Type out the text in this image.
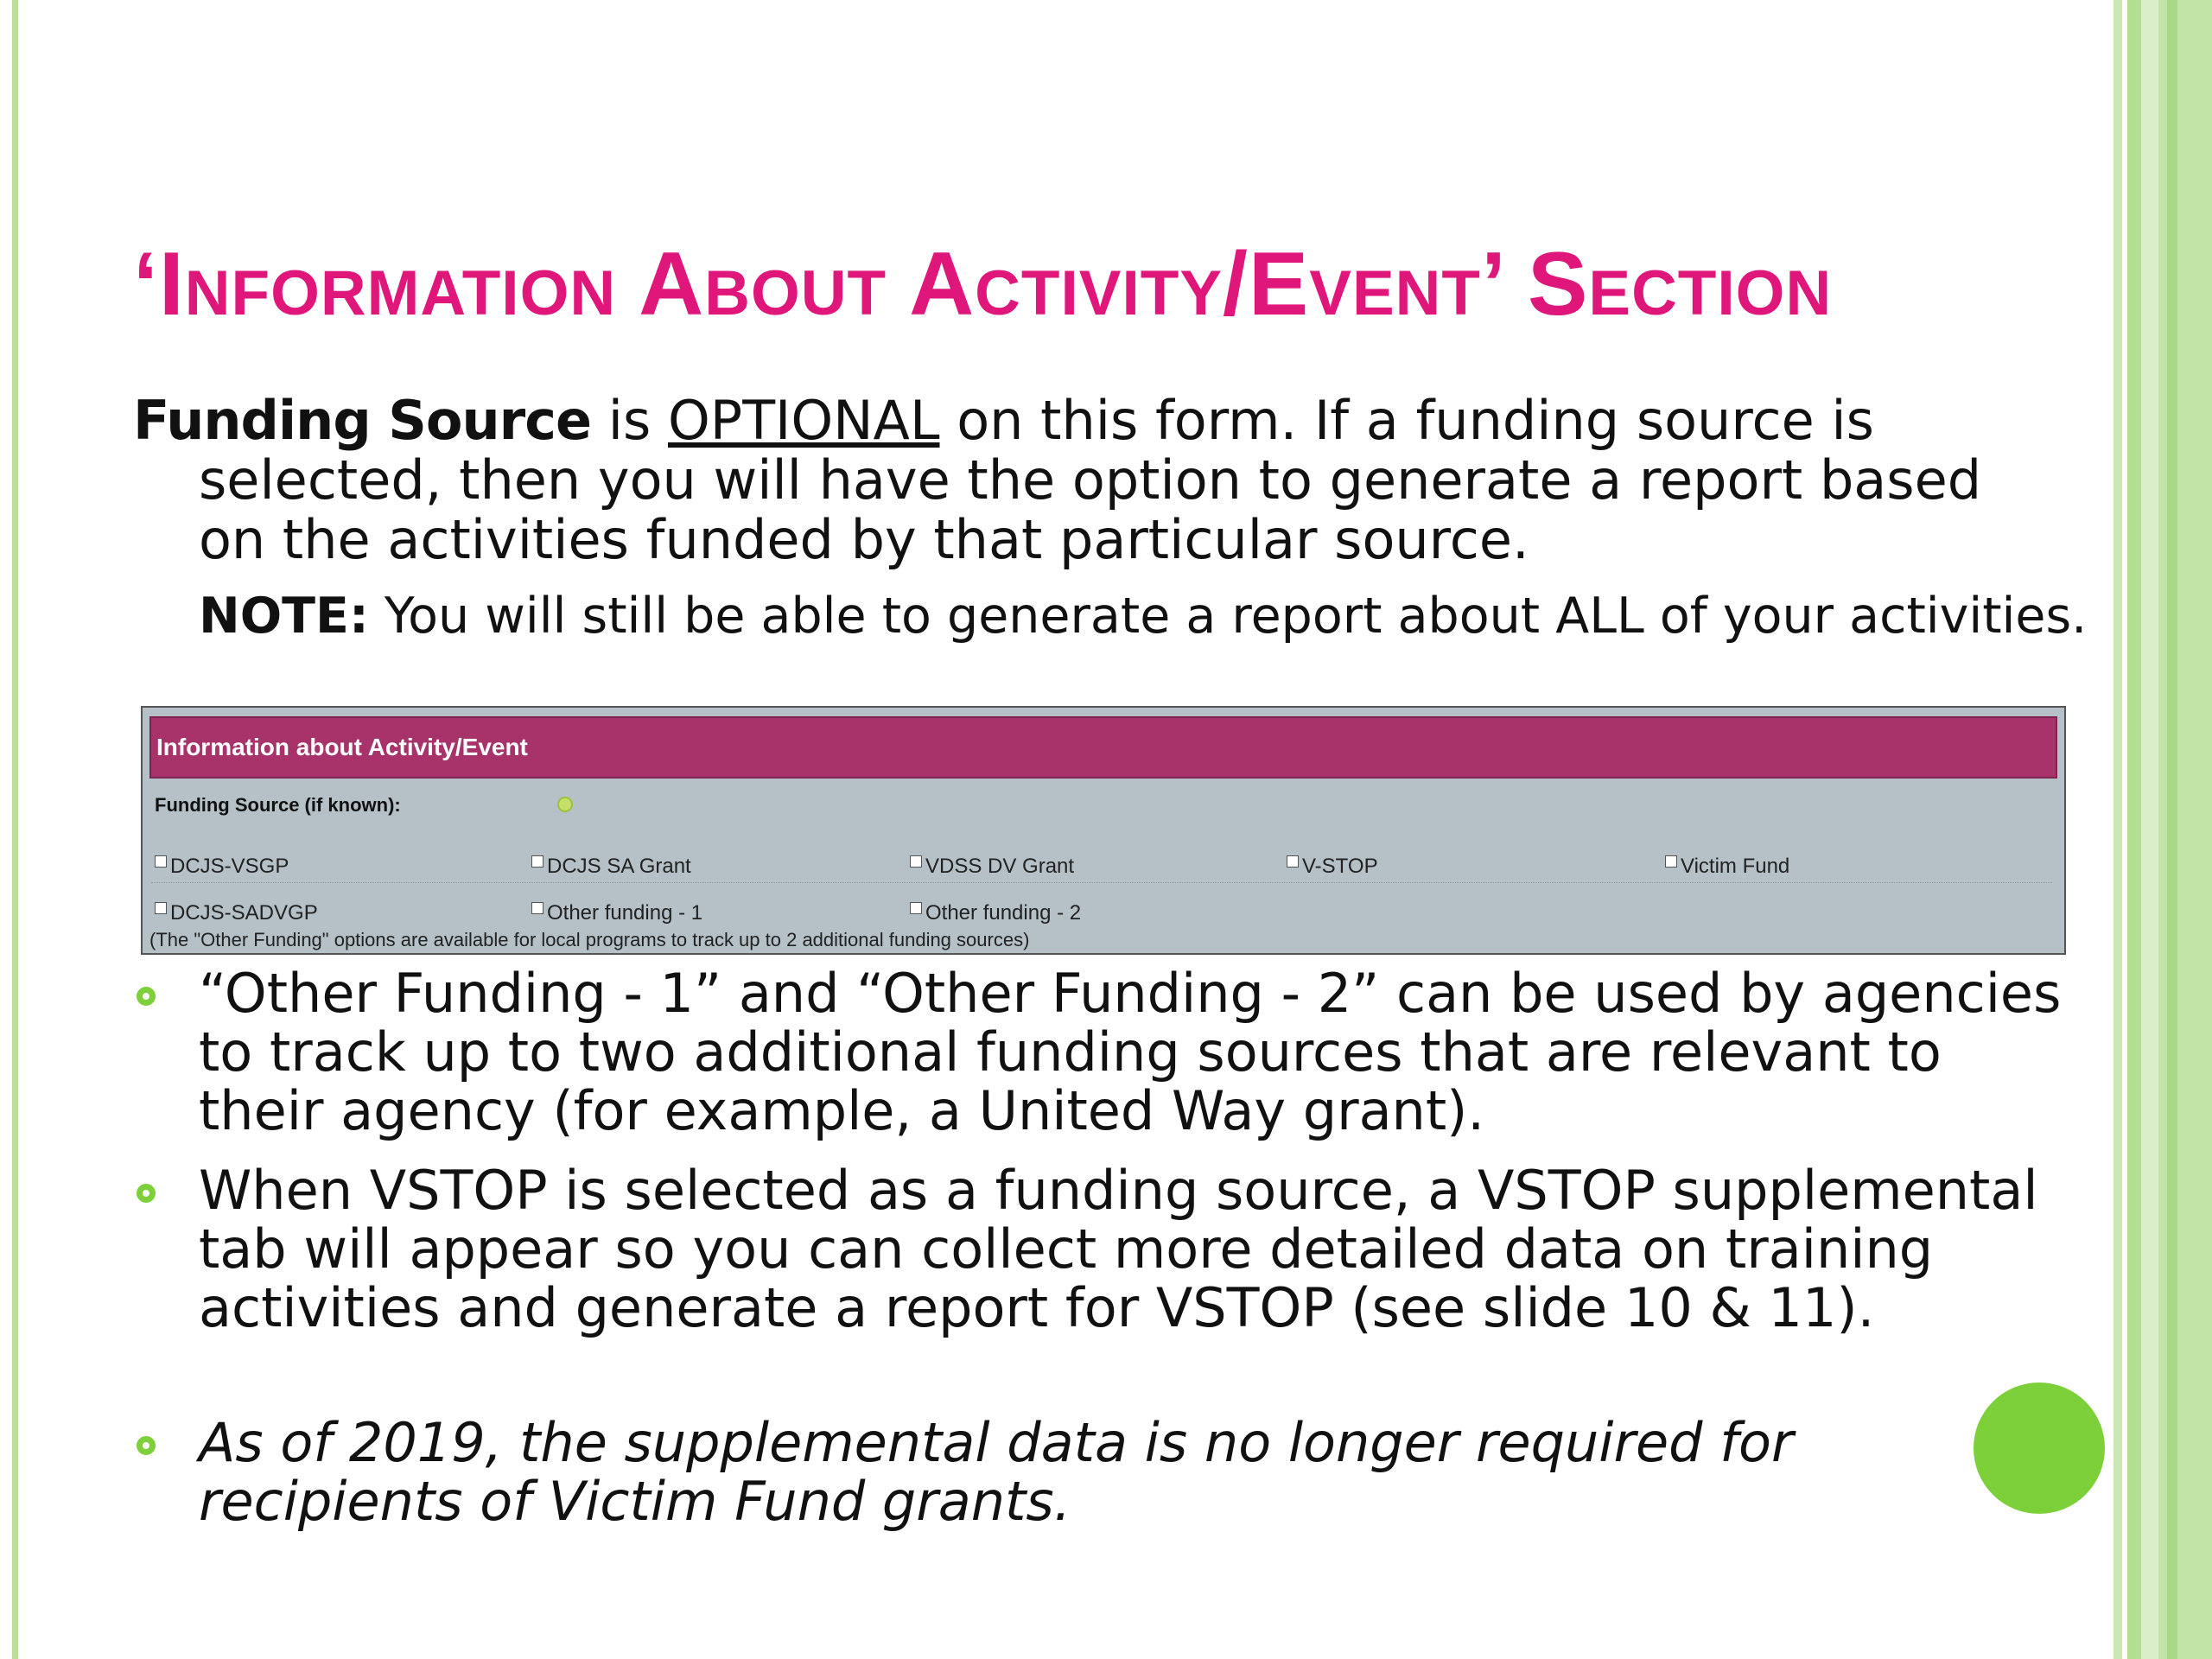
‘Information About Activity/Event’ Section

Funding Source is OPTIONAL on this form. If a funding source is selected, then you will have the option to generate a report based on the activities funded by that particular source.

NOTE: You will still be able to generate a report about ALL of your activities.

Information about Activity/Event
Funding Source (if known):
DCJS-VSGP	DCJS SA Grant	VDSS DV Grant	V-STOP	Victim Fund
DCJS-SADVGP	Other funding - 1	Other funding - 2
(The "Other Funding" options are available for local programs to track up to 2 additional funding sources)
“Other Funding - 1” and “Other Funding - 2” can be used by agencies to track up to two additional funding sources that are relevant to their agency (for example, a United Way grant).
When VSTOP is selected as a funding source, a VSTOP supplemental tab will appear so you can collect more detailed data on training activities and generate a report for VSTOP (see slide 10 & 11).
As of 2019, the supplemental data is no longer required for recipients of Victim Fund grants.
